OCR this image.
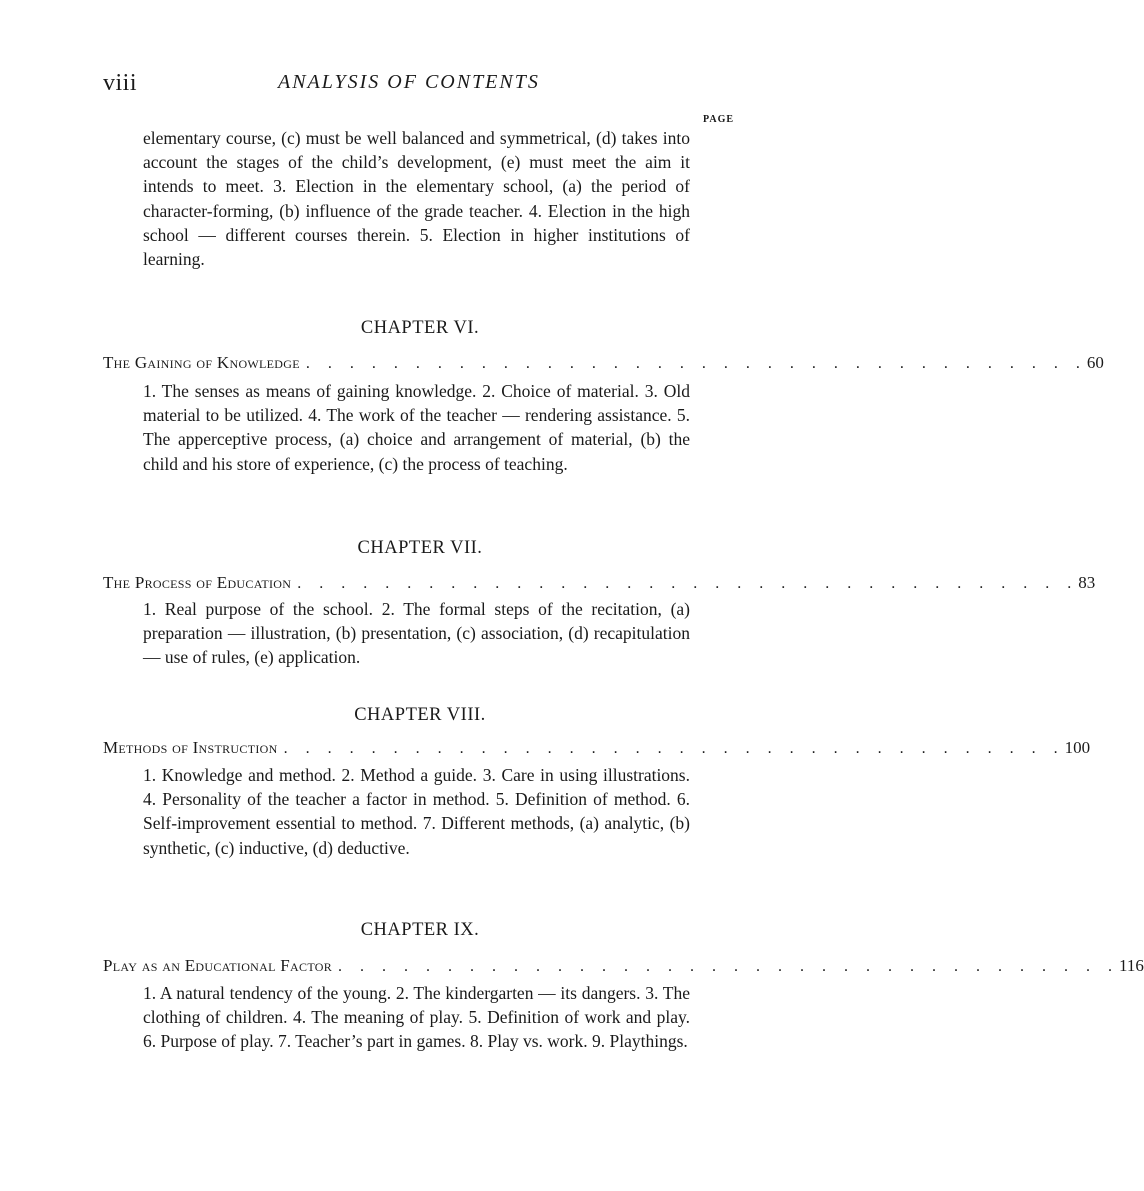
viii	ANALYSIS OF CONTENTS
PAGE
elementary course, (c) must be well balanced and symmetrical, (d) takes into account the stages of the child’s development, (e) must meet the aim it intends to meet. 3. Election in the elementary school, (a) the period of character-forming, (b) influence of the grade teacher. 4. Election in the high school — different courses therein. 5. Election in higher institutions of learning.
CHAPTER VI.
The Gaining of Knowledge . . . . . . . . . . . . . . . . . . . . . . . . . . . . . . . . . . . . 60
1. The senses as means of gaining knowledge. 2. Choice of material. 3. Old material to be utilized. 4. The work of the teacher — rendering assistance. 5. The apperceptive process, (a) choice and arrangement of material, (b) the child and his store of experience, (c) the process of teaching.
CHAPTER VII.
The Process of Education . . . . . . . . . . . . . . . . . . . . . . . . . . . . . . . . . . . . 83
1. Real purpose of the school. 2. The formal steps of the recitation, (a) preparation — illustration, (b) presentation, (c) association, (d) recapitulation — use of rules, (e) application.
CHAPTER VIII.
Methods of Instruction . . . . . . . . . . . . . . . . . . . . . . . . . . . . . . . . . . . . 100
1. Knowledge and method. 2. Method a guide. 3. Care in using illustrations. 4. Personality of the teacher a factor in method. 5. Definition of method. 6. Self-improvement essential to method. 7. Different methods, (a) analytic, (b) synthetic, (c) inductive, (d) deductive.
CHAPTER IX.
Play as an Educational Factor . . . . . . . . . . . . . . . . . . . . . . . . . . . . . . . . . . . . 116
1. A natural tendency of the young. 2. The kindergarten — its dangers. 3. The clothing of children. 4. The meaning of play. 5. Definition of work and play. 6. Purpose of play. 7. Teacher’s part in games. 8. Play vs. work. 9. Playthings.
